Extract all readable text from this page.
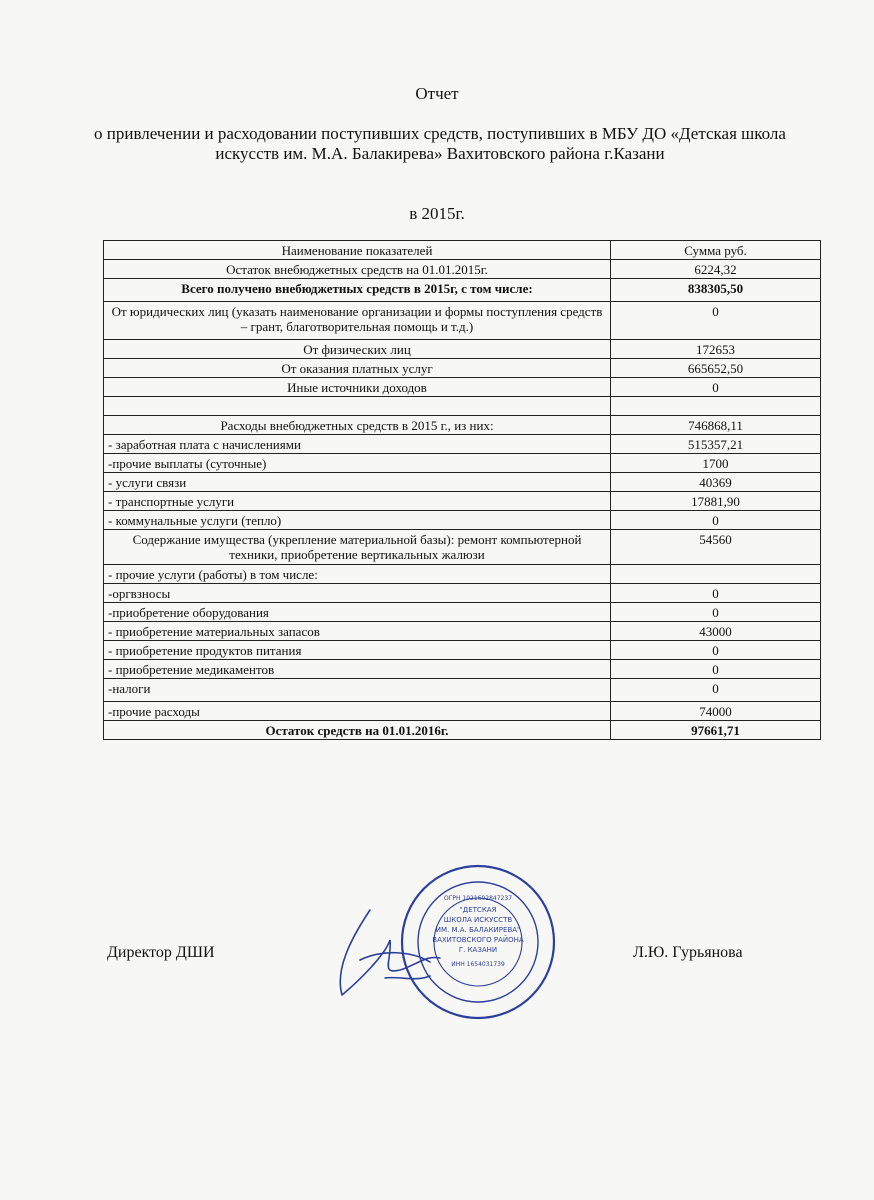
Отчет
о привлечении и расходовании поступивших средств, поступивших в МБУ ДО «Детская школа искусств им. М.А. Балакирева» Вахитовского района г.Казани
в 2015г.
Наименование показателей	Сумма руб.
Остаток внебюджетных средств на 01.01.2015г.	6224,32
Всего получено внебюджетных средств в 2015г, с том числе:	838305,50
От юридических лиц (указать наименование организации и формы поступления средств – грант, благотворительная помощь и т.д.)	0
От физических лиц	172653
От оказания платных услуг	665652,50
Иные источники доходов	0

Расходы внебюджетных средств в 2015 г., из них:	746868,11
- заработная плата с начислениями	515357,21
-прочие выплаты (суточные)	1700
- услуги связи	40369
- транспортные услуги	17881,90
- коммунальные услуги (тепло)	0
Содержание имущества (укрепление материальной базы): ремонт компьютерной техники, приобретение вертикальных жалюзи	54560
- прочие услуги (работы) в том числе:	
-оргвзносы	0
-приобретение оборудования	0
- приобретение материальных запасов	43000
- приобретение продуктов питания	0
- приобретение медикаментов	0
-налоги	0
-прочие расходы	74000
Остаток средств на 01.01.2016г.	97661,71
Директор ДШИ	Л.Ю. Гурьянова
"ДЕТСКАЯ
ШКОЛА ИСКУССТВ
ИМ. М.А. БАЛАКИРЕВА"
ВАХИТОВСКОГО РАЙОНА
Г. КАЗАНИ
ИНН 1654031739
ОГРН 1021602847237
